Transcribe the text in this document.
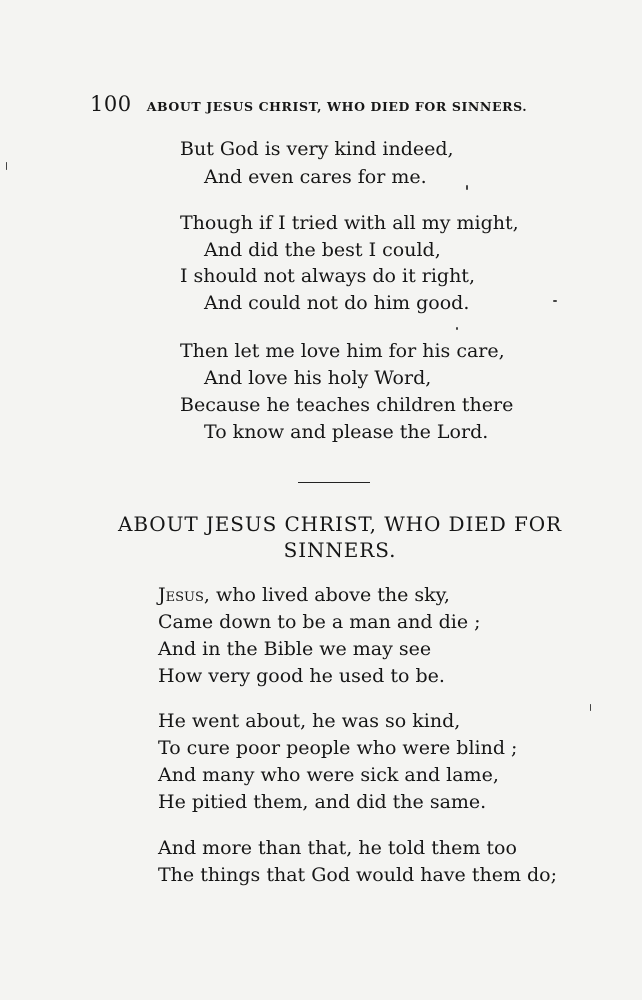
100 ABOUT JESUS CHRIST, WHO DIED FOR SINNERS.
But God is very kind indeed,
And even cares for me.
Though if I tried with all my might,
And did the best I could,
I should not always do it right,
And could not do him good.
Then let me love him for his care,
And love his holy Word,
Because he teaches children there
To know and please the Lord.
ABOUT JESUS CHRIST, WHO DIED FOR
SINNERS.
Jesus, who lived above the sky,
Came down to be a man and die ;
And in the Bible we may see
How very good he used to be.
He went about, he was so kind,
To cure poor people who were blind ;
And many who were sick and lame,
He pitied them, and did the same.
And more than that, he told them too
The things that God would have them do;
